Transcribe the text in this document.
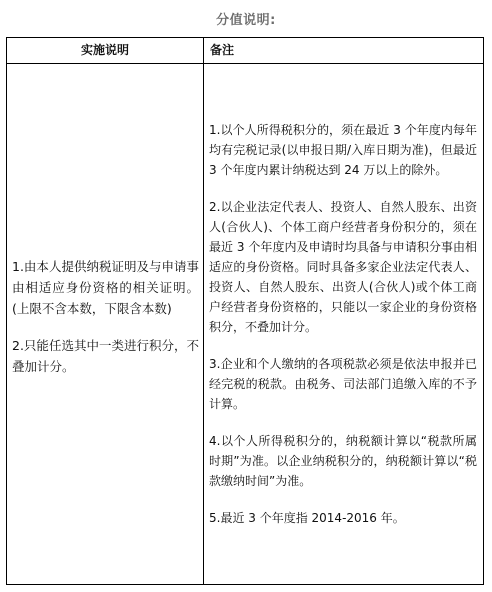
分值说明:
实施说明	备注

1.由本人提供纳税证明及与申请事由相适应身份资格的相关证明。(上限不含本数，下限含本数)

2.只能任选其中一类进行积分，不叠加计分。

1.以个人所得税积分的，须在最近 3 个年度内每年均有完税记录(以申报日期/入库日期为准)，但最近 3 个年度内累计纳税达到 24 万以上的除外。

2.以企业法定代表人、投资人、自然人股东、出资人(合伙人)、个体工商户经营者身份积分的，须在最近 3 个年度内及申请时均具备与申请积分事由相适应的身份资格。同时具备多家企业法定代表人、投资人、自然人股东、出资人(合伙人)或个体工商户经营者身份资格的，只能以一家企业的身份资格积分，不叠加计分。

3.企业和个人缴纳的各项税款必须是依法申报并已经完税的税款。由税务、司法部门追缴入库的不予计算。

4.以个人所得税积分的，纳税额计算以“税款所属时期”为准。以企业纳税积分的，纳税额计算以“税款缴纳时间”为准。

5.最近 3 个年度指 2014-2016 年。
